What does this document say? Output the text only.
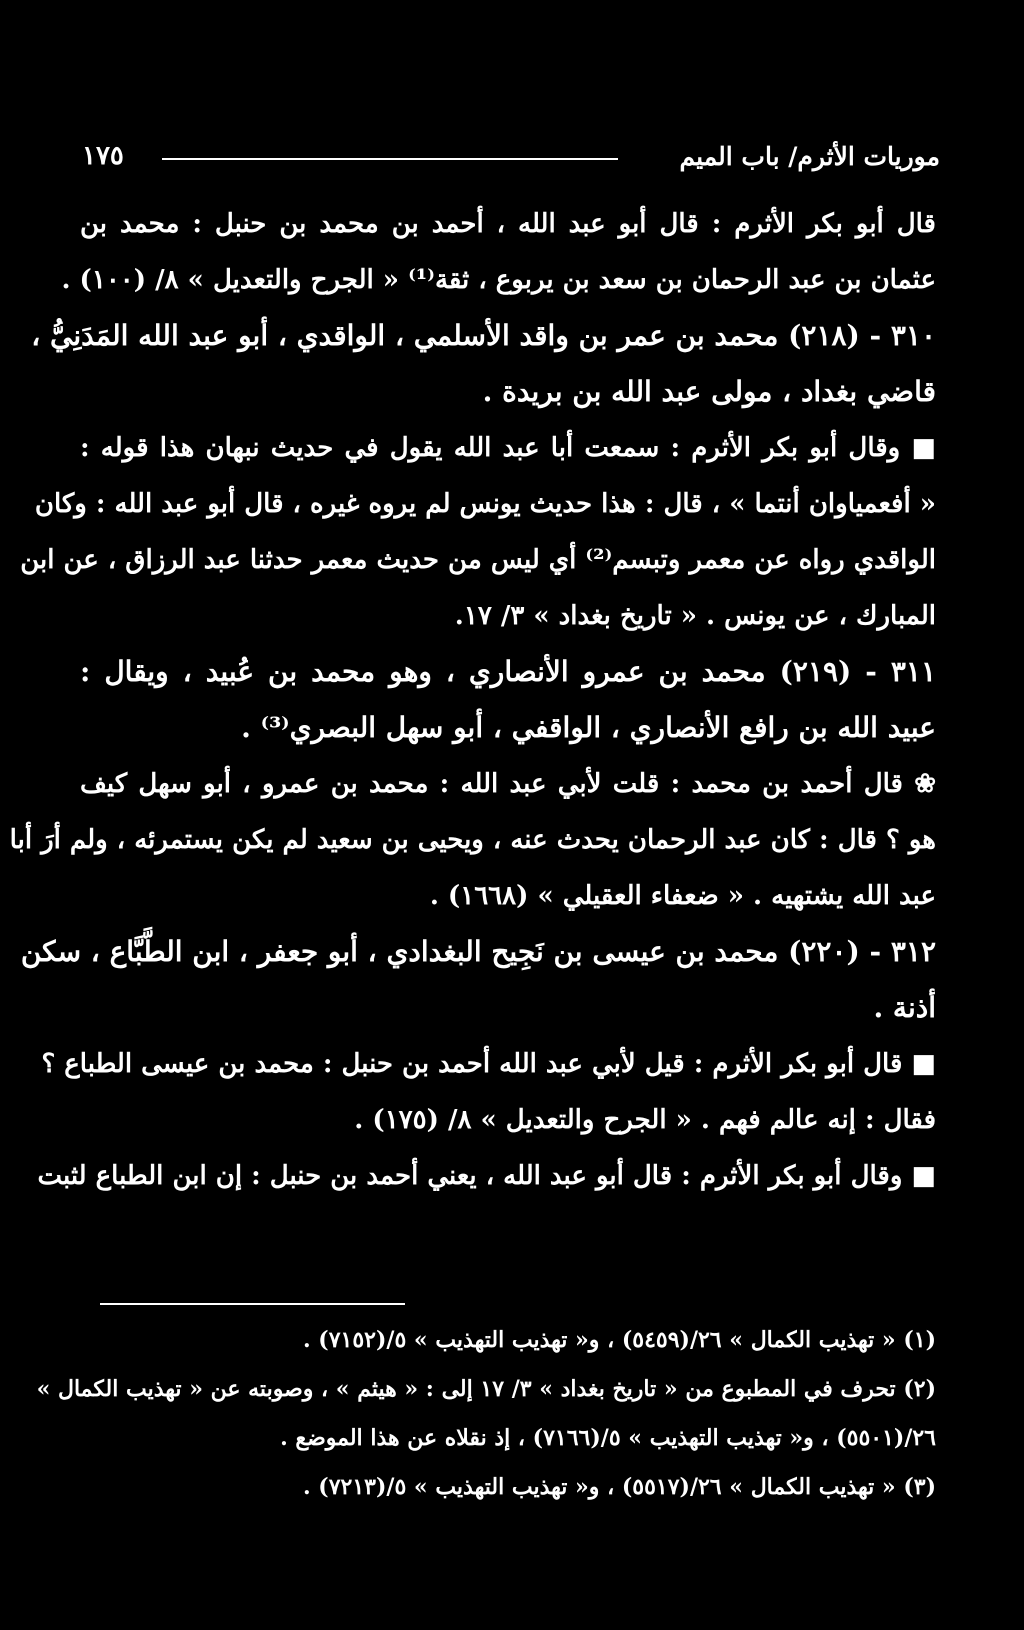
موريات الأثرم/ باب الميم
١٧٥
قال أبو بكر الأثرم : قال أبو عبد الله ، أحمد بن محمد بن حنبل : محمد بن
عثمان بن عبد الرحمان بن سعد بن يربوع ، ثقة⁽¹⁾ « الجرح والتعديل » ٨/ (١٠٠) .
٣١٠ - (٢١٨) محمد بن عمر بن واقد الأسلمي ، الواقدي ، أبو عبد الله المَدَنِيُّ ،
قاضي بغداد ، مولى عبد الله بن بريدة .
■ وقال أبو بكر الأثرم : سمعت أبا عبد الله يقول في حديث نبهان هذا قوله :
« أفعمياوان أنتما » ، قال : هذا حديث يونس لم يروه غيره ، قال أبو عبد الله : وكان
الواقدي رواه عن معمر وتبسم⁽²⁾ أي ليس من حديث معمر حدثنا عبد الرزاق ، عن ابن
المبارك ، عن يونس . « تاريخ بغداد » ٣/ ١٧.
٣١١ - (٢١٩) محمد بن عمرو الأنصاري ، وهو محمد بن عُبيد ، ويقال :
عبيد الله بن رافع الأنصاري ، الواقفي ، أبو سهل البصري⁽³⁾ .
❀ قال أحمد بن محمد : قلت لأبي عبد الله : محمد بن عمرو ، أبو سهل كيف
هو ؟ قال : كان عبد الرحمان يحدث عنه ، ويحيى بن سعيد لم يكن يستمرئه ، ولم أرَ أبا
عبد الله يشتهيه . « ضعفاء العقيلي » (١٦٦٨) .
٣١٢ - (٢٢٠) محمد بن عيسى بن نَجِيح البغدادي ، أبو جعفر ، ابن الطَّبَّاع ، سكن
أذنة .
■ قال أبو بكر الأثرم : قيل لأبي عبد الله أحمد بن حنبل : محمد بن عيسى الطباع ؟
فقال : إنه عالم فهم . « الجرح والتعديل » ٨/ (١٧٥) .
■ وقال أبو بكر الأثرم : قال أبو عبد الله ، يعني أحمد بن حنبل : إن ابن الطباع لثبت
(١) « تهذيب الكمال » ٢٦/(٥٤٥٩) ، و« تهذيب التهذيب » ٥/(٧١٥٢) .
(٢) تحرف في المطبوع من « تاريخ بغداد » ٣/ ١٧ إلى : « هيثم » ، وصوبته عن « تهذيب الكمال »
٢٦/(٥٥٠١) ، و« تهذيب التهذيب » ٥/(٧١٦٦) ، إذ نقلاه عن هذا الموضع .
(٣) « تهذيب الكمال » ٢٦/(٥٥١٧) ، و« تهذيب التهذيب » ٥/(٧٢١٣) .
